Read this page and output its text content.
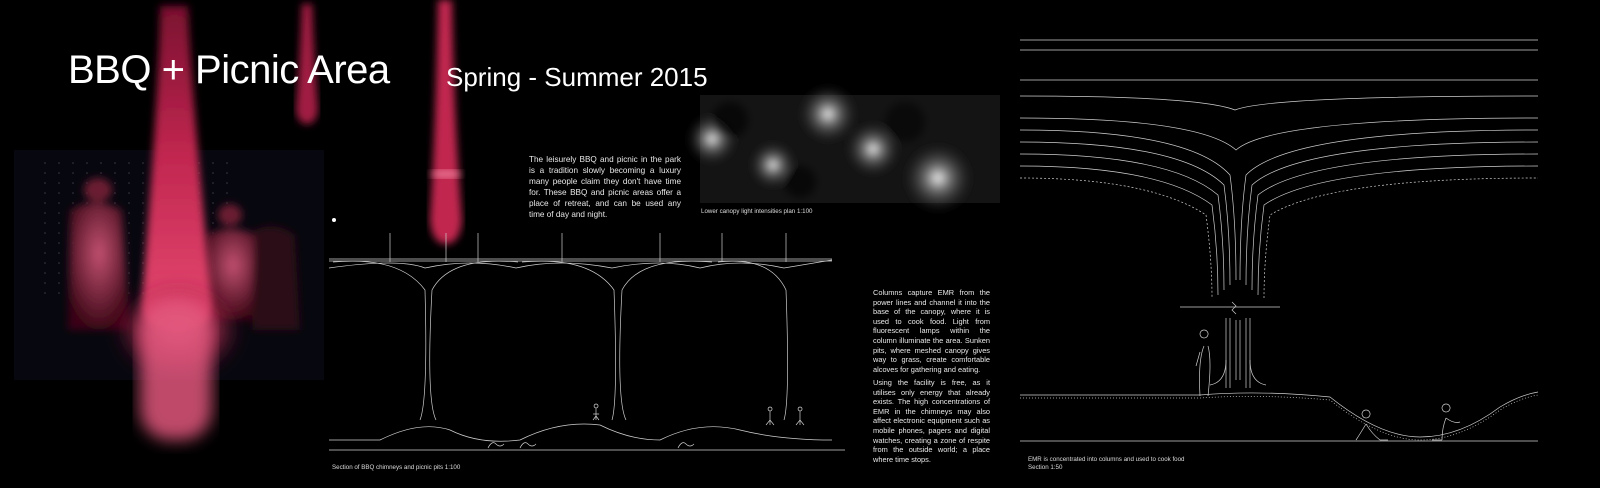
BBQ + Picnic Area Spring - Summer 2015
The leisurely BBQ and picnic in the park is a tradition slowly becoming a luxury many people claim they don't have time for. These BBQ and picnic areas offer a place of retreat, and can be used any time of day and night.	Lower canopy light intensities plan 1:100
Section of BBQ chimneys and picnic pits 1:100
Columns capture EMR from the power lines and channel it into the base of the canopy, where it is used to cook food. Light from fluorescent lamps within the column illuminate the area. Sunken pits, where meshed canopy gives way to grass, create comfortable alcoves for gathering and eating.
Using the facility is free, as it utilises only energy that already exists. The high concentrations of EMR in the chimneys may also affect electronic equipment such as mobile phones, pagers and digital watches, creating a zone of respite from the outside world; a place where time stops.	EMR is concentrated into columns and used to cook food
Section 1:50
